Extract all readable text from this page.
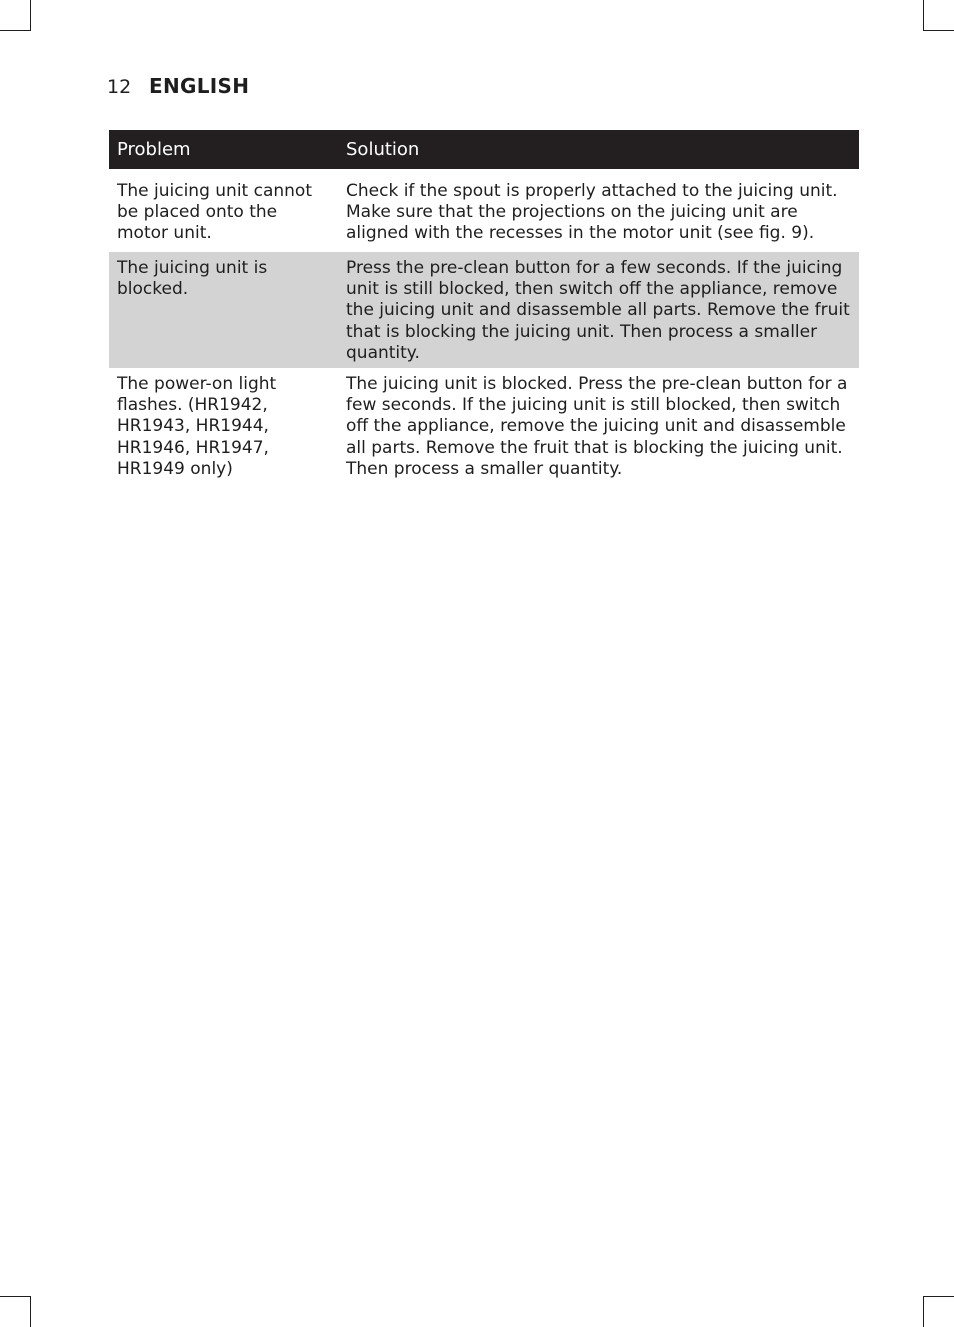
12 ENGLISH
Problem	Solution
The juicing unit cannot be placed onto the motor unit.	Check if the spout is properly attached to the juicing unit. Make sure that the projections on the juicing unit are aligned with the recesses in the motor unit (see fig. 9).
The juicing unit is blocked.	Press the pre-clean button for a few seconds. If the juicing unit is still blocked, then switch off the appliance, remove the juicing unit and disassemble all parts. Remove the fruit that is blocking the juicing unit. Then process a smaller quantity.
The power-on light flashes. (HR1942, HR1943, HR1944, HR1946, HR1947, HR1949 only)	The juicing unit is blocked. Press the pre-clean button for a few seconds. If the juicing unit is still blocked, then switch off the appliance, remove the juicing unit and disassemble all parts. Remove the fruit that is blocking the juicing unit. Then process a smaller quantity.
